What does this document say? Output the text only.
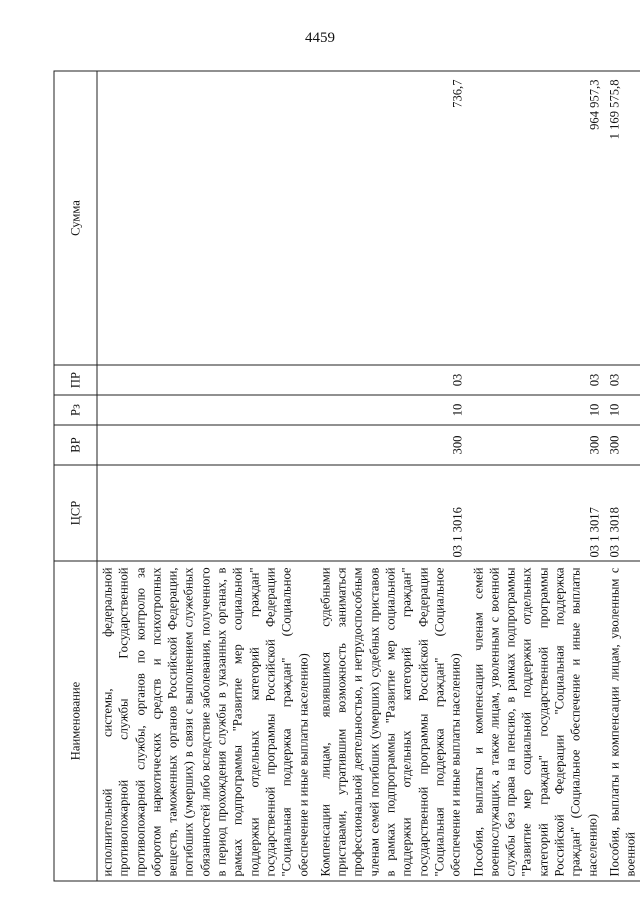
4459
Наименование	ЦСР	ВР	Рз	ПР	Сумма
исполнительной системы, федеральной противопожарной службы Государственной противопожарной службы, органов по контролю за оборотом наркотических средств и психотропных веществ, таможенных органов Российской Федерации, погибших (умерших) в связи с выполнением служебных обязанностей либо вследствие заболевания, полученного в период прохождения службы в указанных органах, в рамках подпрограммы "Развитие мер социальной поддержки отдельных категорий граждан" государственной программы Российской Федерации "Социальная поддержка граждан" (Социальное обеспечение и иные выплаты населению)					
Компенсации лицам, являвшимся судебными приставами, утратившим возможность заниматься профессиональной деятельностью, и нетрудоспособным членам семей погибших (умерших) судебных приставов в рамках подпрограммы "Развитие мер социальной поддержки отдельных категорий граждан" государственной программы Российской Федерации "Социальная поддержка граждан" (Социальное обеспечение и иные выплаты населению)	03 1 3016	300	10	03	736,7
Пособия, выплаты и компенсации членам семей военнослужащих, а также лицам, уволенным с военной службы без права на пенсию, в рамках подпрограммы "Развитие мер социальной поддержки отдельных категорий граждан" государственной программы Российской Федерации "Социальная поддержка граждан" (Социальное обеспечение и иные выплаты населению)	03 1 3017	300	10	03	964 957,3
Пособия, выплаты и компенсации лицам, уволенным с военной	03 1 3018	300	10	03	1 169 575,8
